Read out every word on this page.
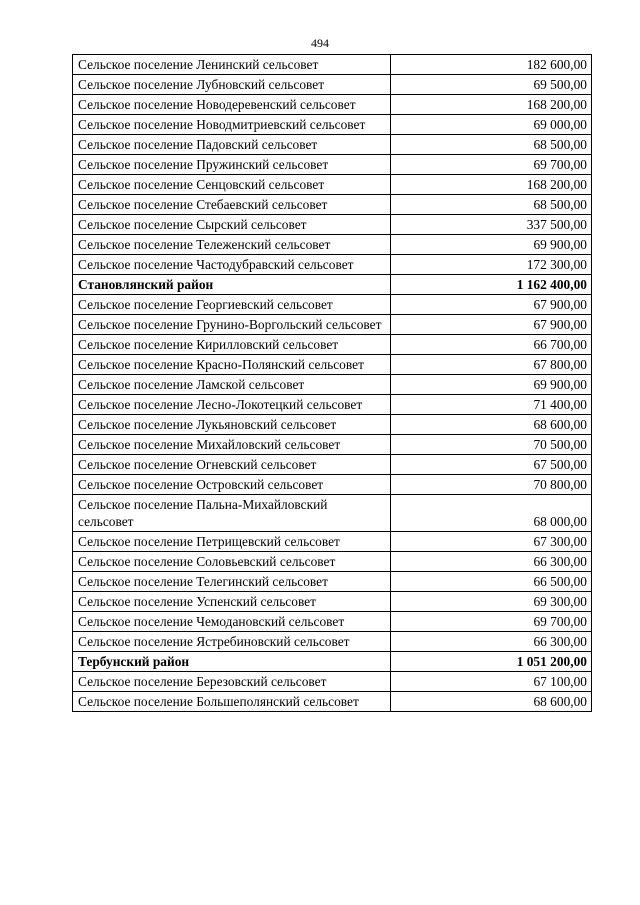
494
Сельское поселение Ленинский сельсовет	182 600,00
Сельское поселение Лубновский сельсовет	69 500,00
Сельское поселение Новодеревенский сельсовет	168 200,00
Сельское поселение Новодмитриевский сельсовет	69 000,00
Сельское поселение Падовский сельсовет	68 500,00
Сельское поселение Пружинский сельсовет	69 700,00
Сельское поселение Сенцовский сельсовет	168 200,00
Сельское поселение Стебаевский сельсовет	68 500,00
Сельское поселение Сырский сельсовет	337 500,00
Сельское поселение Тележенский сельсовет	69 900,00
Сельское поселение Частодубравский сельсовет	172 300,00
Становлянский район	1 162 400,00
Сельское поселение Георгиевский сельсовет	67 900,00
Сельское поселение Грунино-Воргольский сельсовет	67 900,00
Сельское поселение Кирилловский сельсовет	66 700,00
Сельское поселение Красно-Полянский сельсовет	67 800,00
Сельское поселение Ламской сельсовет	69 900,00
Сельское поселение Лесно-Локотецкий сельсовет	71 400,00
Сельское поселение Лукьяновский сельсовет	68 600,00
Сельское поселение Михайловский сельсовет	70 500,00
Сельское поселение Огневский сельсовет	67 500,00
Сельское поселение Островский сельсовет	70 800,00
Сельское поселение Пальна-Михайловский сельсовет	68 000,00
Сельское поселение Петрищевский сельсовет	67 300,00
Сельское поселение Соловьевский сельсовет	66 300,00
Сельское поселение Телегинский сельсовет	66 500,00
Сельское поселение Успенский сельсовет	69 300,00
Сельское поселение Чемодановский сельсовет	69 700,00
Сельское поселение Ястребиновский сельсовет	66 300,00
Тербунский район	1 051 200,00
Сельское поселение Березовский сельсовет	67 100,00
Сельское поселение Большеполянский сельсовет	68 600,00
